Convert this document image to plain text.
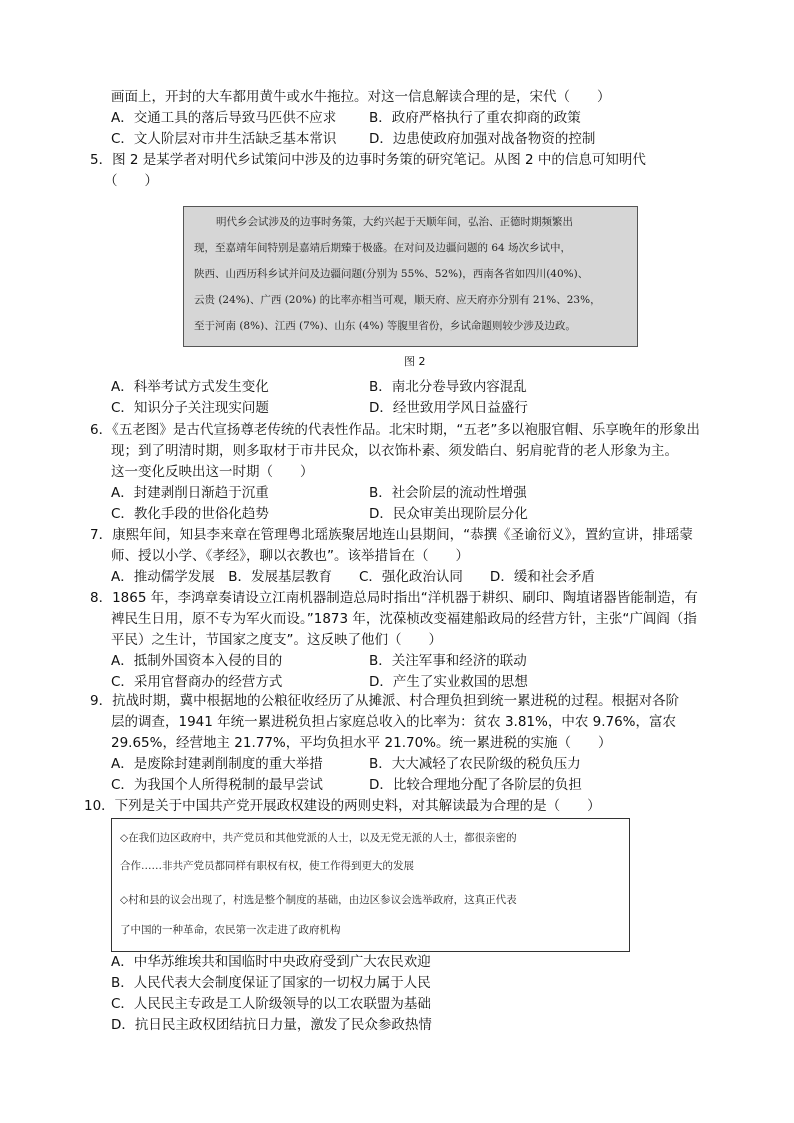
画面上，开封的大车都用黄牛或水牛拖拉。对这一信息解读合理的是，宋代（　　）
A．交通工具的落后导致马匹供不应求 B．政府严格执行了重农抑商的政策
C．文人阶层对市井生活缺乏基本常识 D．边患使政府加强对战备物资的控制
5．图 2 是某学者对明代乡试策问中涉及的边事时务策的研究笔记。从图 2 中的信息可知明代
（　　）
明代乡会试涉及的边事时务策，大约兴起于天顺年间，弘治、正德时期频繁出
现，至嘉靖年间特别是嘉靖后期臻于极盛。在对问及边疆问题的 64 场次乡试中，
陕西、山西历科乡试并问及边疆问题(分别为 55%、52%)，西南各省如四川(40%)、
云贵 (24%)、广西 (20%) 的比率亦相当可观，顺天府、应天府亦分别有 21%、23%，
至于河南 (8%)、江西 (7%)、山东 (4%) 等腹里省份，乡试命题则较少涉及边政。
图 2
A．科举考试方式发生变化	B．南北分卷导致内容混乱
C．知识分子关注现实问题	D．经世致用学风日益盛行
6．《五老图》是古代宣扬尊老传统的代表性作品。北宋时期，“五老”多以袍服官帽、乐享晚年的形象出
现；到了明清时期，则多取材于市井民众，以衣饰朴素、须发皓白、躬肩驼背的老人形象为主。
这一变化反映出这一时期（　　）
A．封建剥削日渐趋于沉重	B．社会阶层的流动性增强
C．教化手段的世俗化趋势	D．民众审美出现阶层分化
7．康熙年间，知县李来章在管理粤北瑶族聚居地连山县期间，“恭撰《圣谕衍义》，置約宣讲，排瑶蒙
师、授以小学、《孝经》，聊以衣教也”。该举措旨在（　　）
A．推动儒学发展　B．发展基层教育　　C．强化政治认同　　D．缓和社会矛盾
8．1865 年，李鸿章奏请设立江南机器制造总局时指出“洋机器于耕织、刷印、陶埴诸器皆能制造，有
裨民生日用，原不专为军火而设。”1873 年，沈葆桢改变福建船政局的经营方针，主张“广阊阎（指
平民）之生计，节国家之度支”。这反映了他们（　　）
A．抵制外国资本入侵的目的	B．关注军事和经济的联动
C．采用官督商办的经营方式	D．产生了实业救国的思想
9．抗战时期，冀中根据地的公粮征收经历了从摊派、村合理负担到统一累进税的过程。根据对各阶
层的调查，1941 年统一累进税负担占家庭总收入的比率为：贫农 3.81%，中农 9.76%，富农
29.65%，经营地主 21.77%，平均负担水平 21.70%。统一累进税的实施（　　）
A．是废除封建剥削制度的重大举措	B．大大减轻了农民阶级的税负压力
C．为我国个人所得税制的最早尝试	D．比较合理地分配了各阶层的负担
10．下列是关于中国共产党开展政权建设的两则史料，对其解读最为合理的是（　　）
◇在我们边区政府中，共产党员和其他党派的人士，以及无党无派的人士，都很亲密的
合作……非共产党员都同样有职权有权，使工作得到更大的发展
◇村和县的议会出现了，村选是整个制度的基础，由边区参议会选举政府，这真正代表
了中国的一种革命，农民第一次走进了政府机构
A．中华苏维埃共和国临时中央政府受到广大农民欢迎
B．人民代表大会制度保证了国家的一切权力属于人民
C．人民民主专政是工人阶级领导的以工农联盟为基础
D．抗日民主政权团结抗日力量，激发了民众参政热情
